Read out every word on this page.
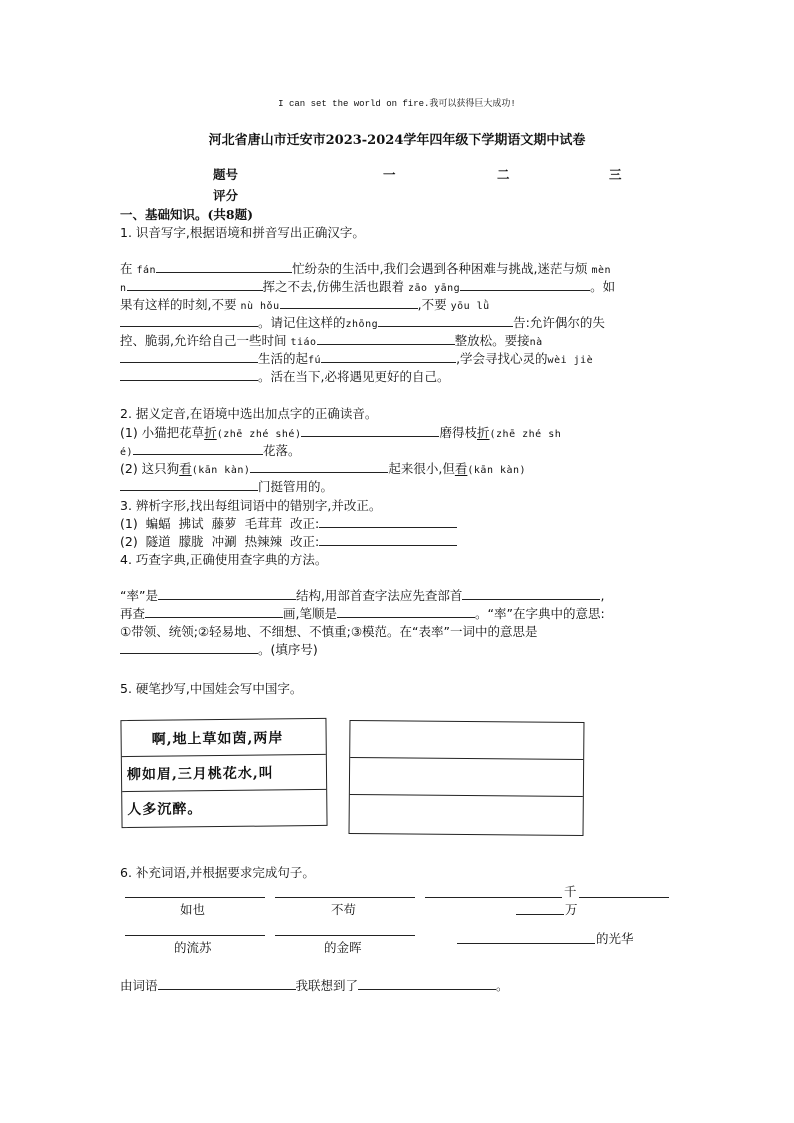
I can set the world on fire.我可以获得巨大成功!
河北省唐山市迁安市2023-2024学年四年级下学期语文期中试卷
题号	一	二	三
评分
一、基础知识。(共8题)
1. 识音写字,根据语境和拼音写出正确汉字。
在 fán	忙纷杂的生活中,我们会遇到各种困难与挑战,迷茫与烦 mèn
n	挥之不去,仿佛生活也跟着 zāo yāng	。如
果有这样的时刻,不要 nù hǒu	,不要 yōu lǜ
。请记住这样的zhōng	告:允许偶尔的失
控、脆弱,允许给自己一些时间 tiáo	整放松。要接nà
生活的起fú	,学会寻找心灵的wèi jiè
。活在当下,必将遇见更好的自己。
2. 据义定音,在语境中选出加点字的正确读音。
(1) 小猫把花草折(zhē zhé shé)	磨得枝折(zhē zhé sh
é)	花落。
(2) 这只狗看(kān kàn)	起来很小,但看(kān kàn)
门挺管用的。
3. 辨析字形,找出每组词语中的错别字,并改正。
(1) 蝙蝠 拂试 藤萝 毛茸茸 改正:
(2) 隧道 朦胧 冲涮 热辣辣 改正:
4. 巧查字典,正确使用查字典的方法。
“率”是	结构,用部首查字法应先查部首	,
再查	画,笔顺是	。“率”在字典中的意思:
①带领、统领;②轻易地、不细想、不慎重;③模范。在“表率”一词中的意思是
。(填序号)
5. 硬笔抄写,中国娃会写中国字。
啊,地上草如茵,两岸
柳如眉,三月桃花水,叫
人多沉醉。
6. 补充词语,并根据要求完成句子。
千
如也	不苟	万
的光华
的流苏	的金晖
由词语	我联想到了	。
